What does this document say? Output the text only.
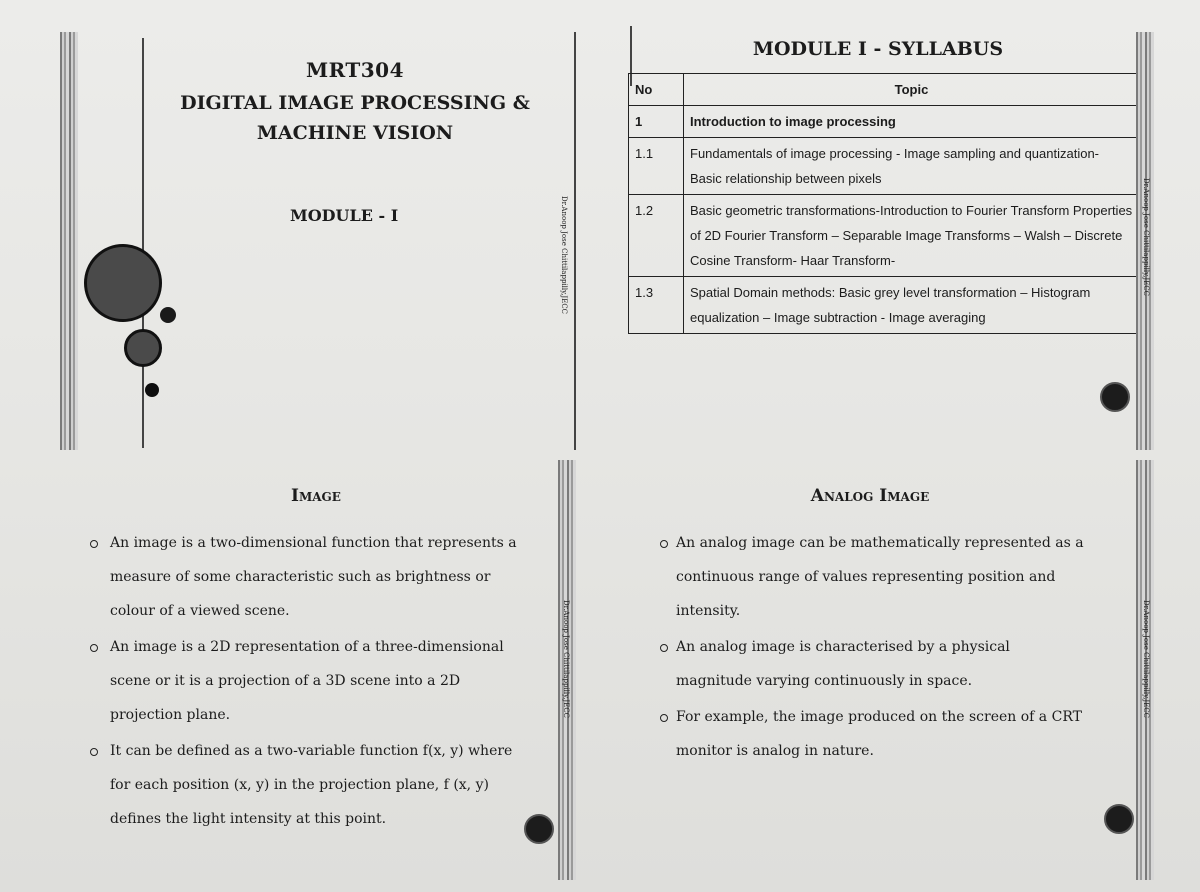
MRT304
DIGITAL IMAGE PROCESSING &
MACHINE VISION
MODULE - I	Dr.Anoop Jose Chittilappilly,JECC
MODULE I - SYLLABUS
No	Topic
1	Introduction to image processing
1.1	Fundamentals of image processing - Image sampling and quantization- Basic relationship between pixels
1.2	Basic geometric transformations-Introduction to Fourier Transform Properties of 2D Fourier Transform – Separable Image Transforms – Walsh – Discrete Cosine Transform- Haar Transform-
1.3	Spatial Domain methods: Basic grey level transformation – Histogram equalization – Image subtraction - Image averaging
Dr.Anoop Jose Chittilappilly,JECC
Image
An image is a two-dimensional function that represents a measure of some characteristic such as brightness or colour of a viewed scene.
An image is a 2D representation of a three-dimensional scene or it is a projection of a 3D scene into a 2D projection plane.
It can be defined as a two-variable function f(x, y) where for each position (x, y) in the projection plane, f (x, y) defines the light intensity at this point.
Dr.Anoop Jose Chittilappilly,JECC
Analog Image
An analog image can be mathematically represented as a continuous range of values representing position and intensity.
An analog image is characterised by a physical magnitude varying continuously in space.
For example, the image produced on the screen of a CRT monitor is analog in nature.
Dr.Anoop Jose Chittilappilly,JECC
